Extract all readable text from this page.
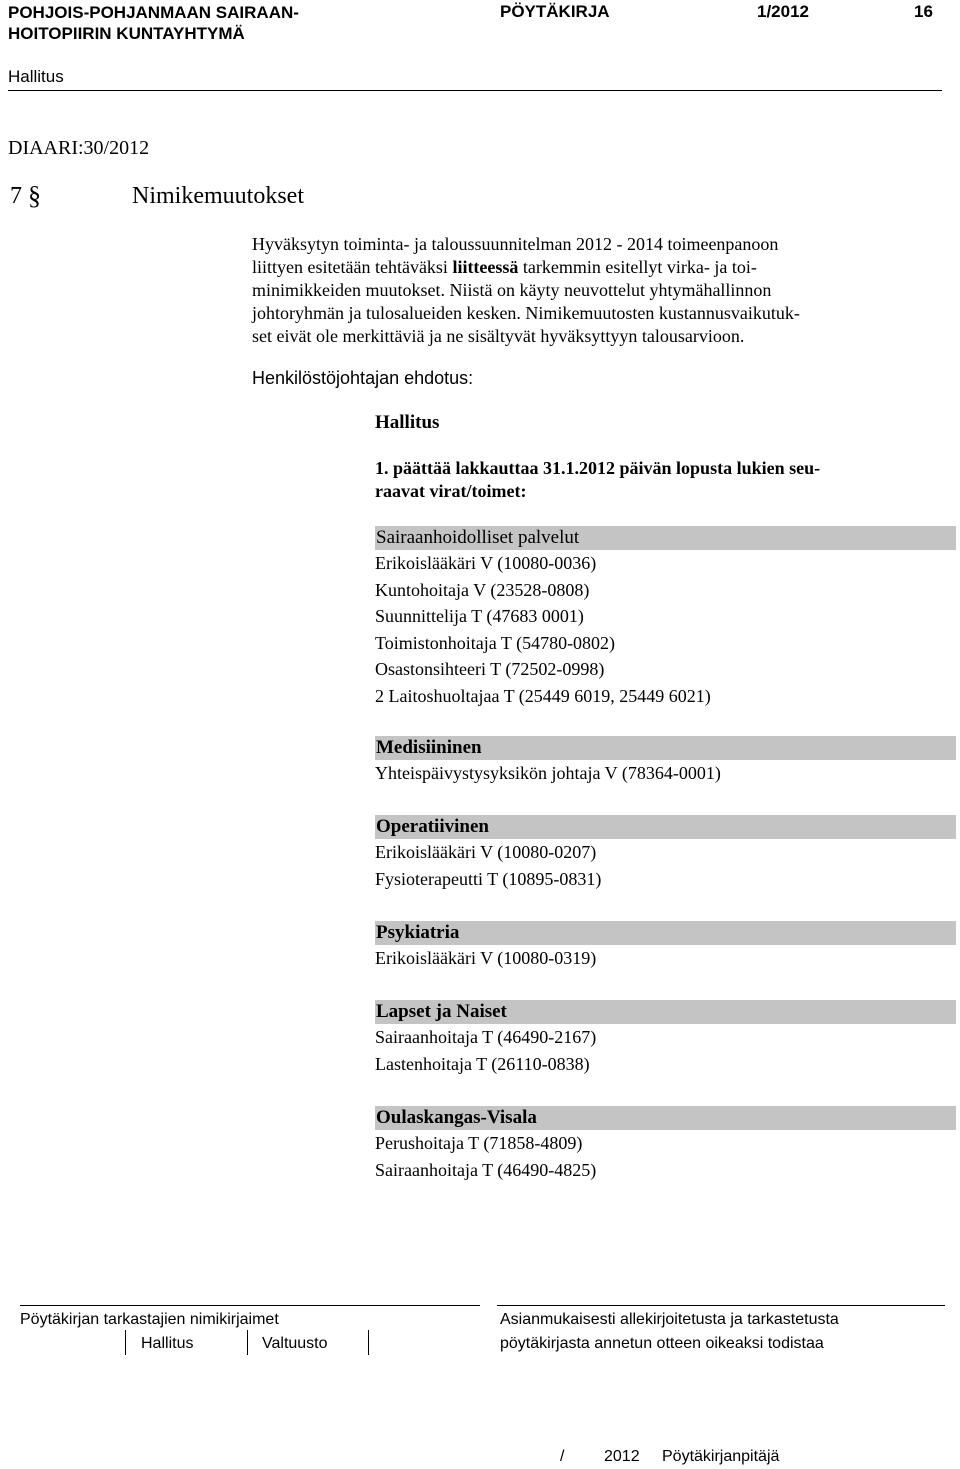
POHJOIS-POHJANMAAN SAIRAAN-
HOITOPIIRIN KUNTAYHTYMÄ
PÖYTÄKIRJA	1/2012	16
Hallitus
DIAARI:30/2012
7 §	Nimikemuutokset
Hyväksytyn toiminta- ja taloussuunnitelman 2012 - 2014 toimeenpanoon
liittyen esitetään tehtäväksi liitteessä tarkemmin esitellyt virka- ja toi-
minimikkeiden muutokset. Niistä on käyty neuvottelut yhtymähallinnon
johtoryhmän ja tulosalueiden kesken. Nimikemuutosten kustannusvaikutuk-
set eivät ole merkittäviä ja ne sisältyvät hyväksyttyyn talousarvioon.
Henkilöstöjohtajan ehdotus:
Hallitus
1. päättää lakkauttaa 31.1.2012 päivän lopusta lukien seu-
raavat virat/toimet:
Sairaanhoidolliset palvelut
Erikoislääkäri V (10080-0036)
Kuntohoitaja V (23528-0808)
Suunnittelija T (47683 0001)
Toimistonhoitaja T (54780-0802)
Osastonsihteeri T (72502-0998)
2 Laitoshuoltajaa T (25449 6019, 25449 6021)
Medisiininen
Yhteispäivystysyksikön johtaja V (78364-0001)
Operatiivinen
Erikoislääkäri V (10080-0207)
Fysioterapeutti T (10895-0831)
Psykiatria
Erikoislääkäri V (10080-0319)
Lapset ja Naiset
Sairaanhoitaja T (46490-2167)
Lastenhoitaja T (26110-0838)
Oulaskangas-Visala
Perushoitaja T (71858-4809)
Sairaanhoitaja T (46490-4825)
Pöytäkirjan tarkastajien nimikirjaimet	Asianmukaisesti allekirjoitetusta ja tarkastetusta
pöytäkirjasta annetun otteen oikeaksi todistaa
Hallitus	Valtuusto
/ 2012 Pöytäkirjanpitäjä
